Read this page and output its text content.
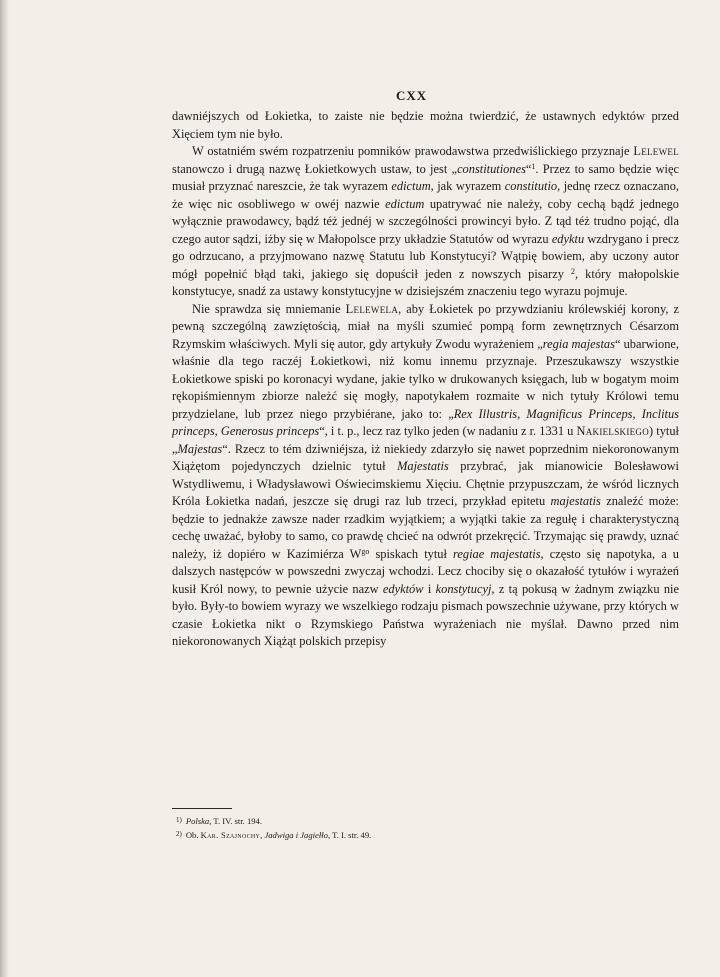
CXX

dawniéjszych od Łokietka, to zaiste nie będzie można twierdzić, że ustawnych edyktów przed Xięciem tym nie było.

W ostatniém swém rozpatrzeniu pomników prawodawstwa przedwiślickiego przyznaje Lelewel stanowczo i drugą nazwę Łokietkowych ustaw, to jest „constitutiones“$^1$. Przez to samo będzie więc musiał przyznać nareszcie, że tak wyrazem edictum, jak wyrazem constitutio, jednę rzecz oznaczano, że więc nic osobliwego w owéj nazwie edictum upatrywać nie należy, coby cechą bądź jednego wyłącznie prawodawcy, bądź téż jednéj w szczególności prowincyi było. Z tąd téż trudno pojąć, dla czego autor sądzi, iżby się w Małopolsce przy układzie Statutów od wyrazu edyktu wzdrygano i precz go odrzucano, a przyjmowano nazwę Statutu lub Konstytucyi? Wątpię bowiem, aby uczony autor mógł popełnić błąd taki, jakiego się dopuścił jeden z nowszych pisarzy $^2$, który małopolskie konstytucye, snadź za ustawy konstytucyjne w dzisiejszém znaczeniu tego wyrazu pojmuje.

Nie sprawdza się mniemanie Lelewela, aby Łokietek po przywdzianiu królewskiéj korony, z pewną szczególną zawziętością, miał na myśli szumieć pompą form zewnętrznych Césarzom Rzymskim właściwych. Myli się autor, gdy artykuły Zwodu wyrażeniem „regia majestas“ ubarwione, właśnie dla tego raczéj Łokietkowi, niż komu innemu przyznaje. Przeszukawszy wszystkie Łokietkowe spiski po koronacyi wydane, jakie tylko w drukowanych księgach, lub w bogatym moim rękopiśmiennym zbiorze należć się mogły, napotykałem rozmaite w nich tytuły Królowi temu przydzielane, lub przez niego przybiérane, jako to: „Rex Illustris, Magnificus Princeps, Inclitus princeps, Generosus princeps“, i t. p., lecz raz tylko jeden (w nadaniu z r. 1331 u Nakielskiego) tytuł „Majestas“. Rzecz to tém dziwniéjsza, iż niekiedy zdarzyło się nawet poprzednim niekoronowanym Xiążętom pojedynczych dzielnic tytuł Majestatis przybrać, jak mianowicie Bolesławowi Wstydliwemu, i Władysławowi Oświecimskiemu Xięciu. Chętnie przypuszczam, że wśród licznych Króla Łokietka nadań, jeszcze się drugi raz lub trzeci, przykład epitetu majestatis znaleźć może: będzie to jednakże zawsze nader rzadkim wyjątkiem; a wyjątki takie za regułę i charakterystyczną cechę uważać, byłoby to samo, co prawdę chcieć na odwrót przekręcić. Trzymając się prawdy, uznać należy, iż dopiéro w Kazimiérza $W^{go}$ spiskach tytuł regiae majestatis, często się napotyka, a u dalszych następców w powszedni zwyczaj wchodzi. Lecz chociby się o okazałość tytułów i wyrażeń kusił Król nowy, to pewnie użycie nazw edyktów i konstytucyj, z tą pokusą w żadnym związku nie było. Były-to bowiem wyrazy we wszelkiego rodzaju pismach powszechnie używane, przy których w czasie Łokietka nikt o Rzymskiego Państwa wyrażeniach nie myślał. Dawno przed nim niekoronowanych Xiążąt polskich przepisy

$^{1)}$ Polska, T. IV. str. 194.

$^{2)}$ Ob. Kar. Szajnochy, Jadwiga i Jagiełło, T. I. str. 49.
